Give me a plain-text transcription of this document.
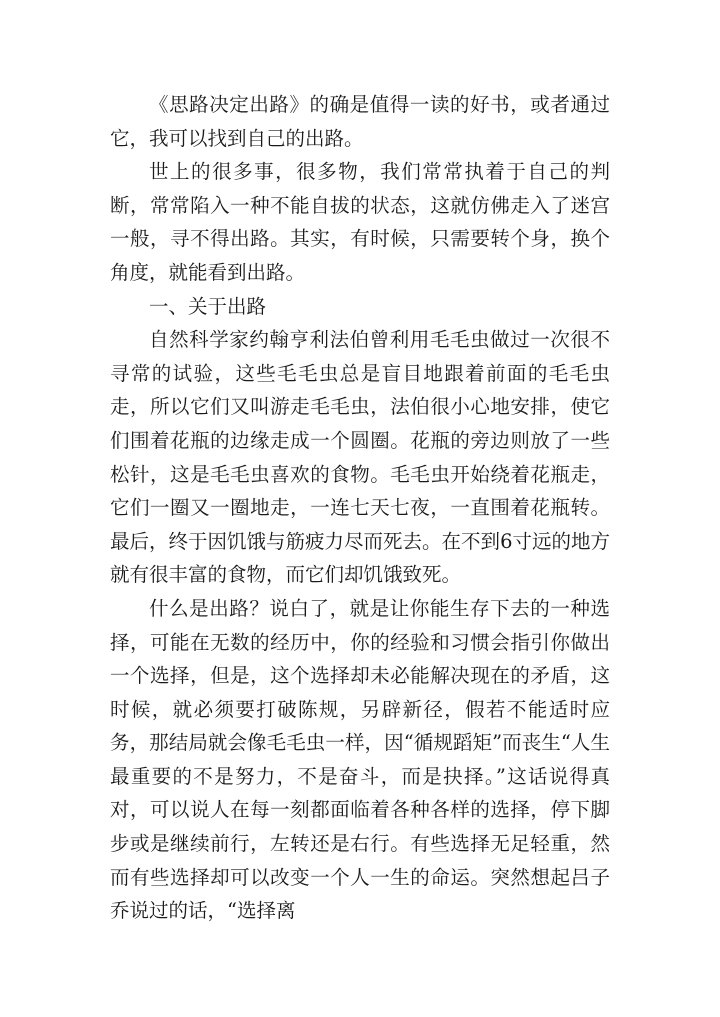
《思路决定出路》的确是值得一读的好书，或者通过它，我可以找到自己的出路。

世上的很多事，很多物，我们常常执着于自己的判断，常常陷入一种不能自拔的状态，这就仿佛走入了迷宫一般，寻不得出路。其实，有时候，只需要转个身，换个角度，就能看到出路。

一、关于出路

自然科学家约翰亨利法伯曾利用毛毛虫做过一次很不寻常的试验，这些毛毛虫总是盲目地跟着前面的毛毛虫走，所以它们又叫游走毛毛虫，法伯很小心地安排，使它们围着花瓶的边缘走成一个圆圈。花瓶的旁边则放了一些松针，这是毛毛虫喜欢的食物。毛毛虫开始绕着花瓶走，它们一圈又一圈地走，一连七天七夜，一直围着花瓶转。最后，终于因饥饿与筋疲力尽而死去。在不到6寸远的地方就有很丰富的食物，而它们却饥饿致死。

什么是出路？说白了，就是让你能生存下去的一种选择，可能在无数的经历中，你的经验和习惯会指引你做出一个选择，但是，这个选择却未必能解决现在的矛盾，这时候，就必须要打破陈规，另辟新径，假若不能适时应务，那结局就会像毛毛虫一样，因“循规蹈矩”而丧生“人生最重要的不是努力，不是奋斗，而是抉择。”这话说得真对，可以说人在每一刻都面临着各种各样的选择，停下脚步或是继续前行，左转还是右行。有些选择无足轻重，然而有些选择却可以改变一个人一生的命运。突然想起吕子乔说过的话，“选择离
